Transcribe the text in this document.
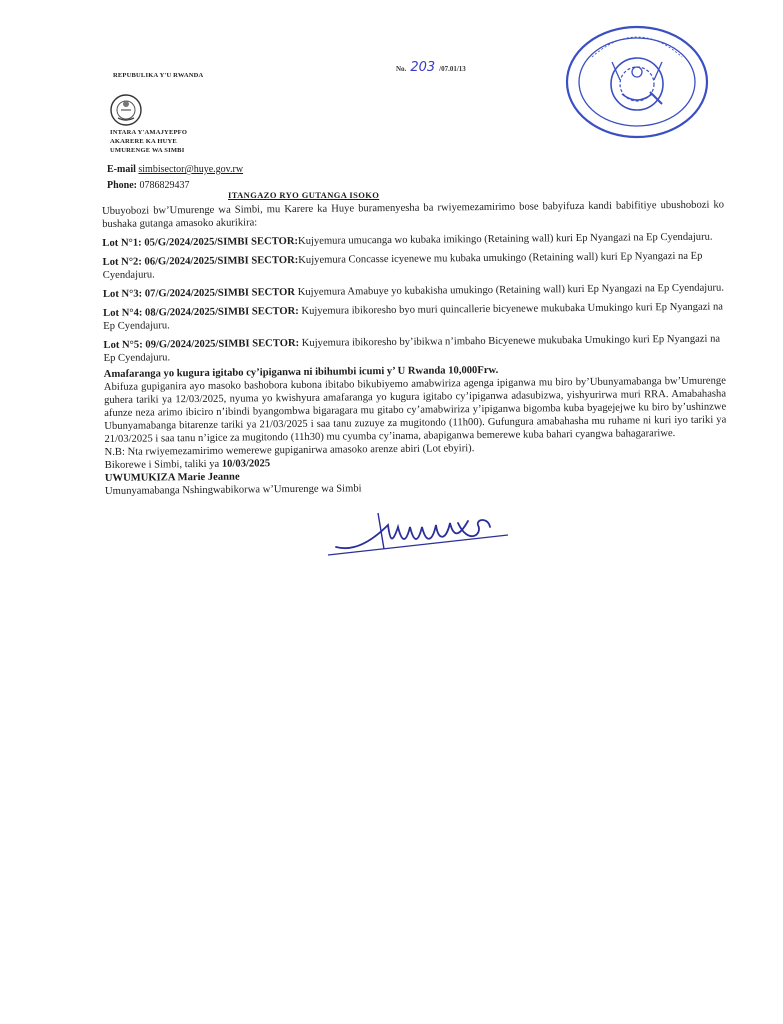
REPUBULIKA Y'U RWANDA
INTARA Y'AMAJYEPFO
AKARERE KA HUYE
UMURENGE WA SIMBI
E-mail simbisector@huye.gov.rw
Phone: 0786829437
No. 203 /07.01/13
ITANGAZO RYO GUTANGA ISOKO

Ubuyobozi bw’Umurenge wa Simbi, mu Karere ka Huye buramenyesha ba rwiyemezamirimo bose babyifuza kandi babifitiye ubushobozi ko bushaka gutanga amasoko akurikira:

Lot N°1: 05/G/2024/2025/SIMBI SECTOR:Kujyemura umucanga wo kubaka imikingo (Retaining wall) kuri Ep Nyangazi na Ep Cyendajuru.

Lot N°2: 06/G/2024/2025/SIMBI SECTOR:Kujyemura Concasse icyenewe mu kubaka umukingo (Retaining wall) kuri Ep Nyangazi na Ep Cyendajuru.

Lot N°3: 07/G/2024/2025/SIMBI SECTOR Kujyemura Amabuye yo kubakisha umukingo (Retaining wall) kuri Ep Nyangazi na Ep Cyendajuru.

Lot N°4: 08/G/2024/2025/SIMBI SECTOR: Kujyemura ibikoresho byo muri quincallerie bicyenewe mukubaka Umukingo kuri Ep Nyangazi na Ep Cyendajuru.

Lot N°5: 09/G/2024/2025/SIMBI SECTOR: Kujyemura ibikoresho by’ibikwa n’imbaho Bicyenewe mukubaka Umukingo kuri Ep Nyangazi na Ep Cyendajuru.

Amafaranga yo kugura igitabo cy’ipiganwa ni ibihumbi icumi y’ U Rwanda 10,000Frw.

Abifuza gupiganira ayo masoko bashobora kubona ibitabo bikubiyemo amabwiriza agenga ipiganwa mu biro by’Ubunyamabanga bw’Umurenge guhera tariki ya 12/03/2025, nyuma yo kwishyura amafaranga yo kugura igitabo cy’ipiganwa adasubizwa, yishyurirwa muri RRA. Amabahasha afunze neza arimo ibiciro n’ibindi byangombwa bigaragara mu gitabo cy’amabwiriza y’ipiganwa bigomba kuba byagejejwe ku biro by’ushinzwe Ubunyamabanga bitarenze tariki ya 21/03/2025 i saa tanu zuzuye za mugitondo (11h00). Gufungura amabahasha mu ruhame ni kuri iyo tariki ya 21/03/2025 i saa tanu n’igice za mugitondo (11h30) mu cyumba cy’inama, abapiganwa bemerewe kuba bahari cyangwa bahagarariwe.

N.B: Nta rwiyemezamirimo wemerewe gupiganirwa amasoko arenze abiri (Lot ebyiri).

Bikorewe i Simbi, taliki ya 10/03/2025

UWUMUKIZA Marie Jeanne

Umunyamabanga Nshingwabikorwa w’Umurenge wa Simbi
